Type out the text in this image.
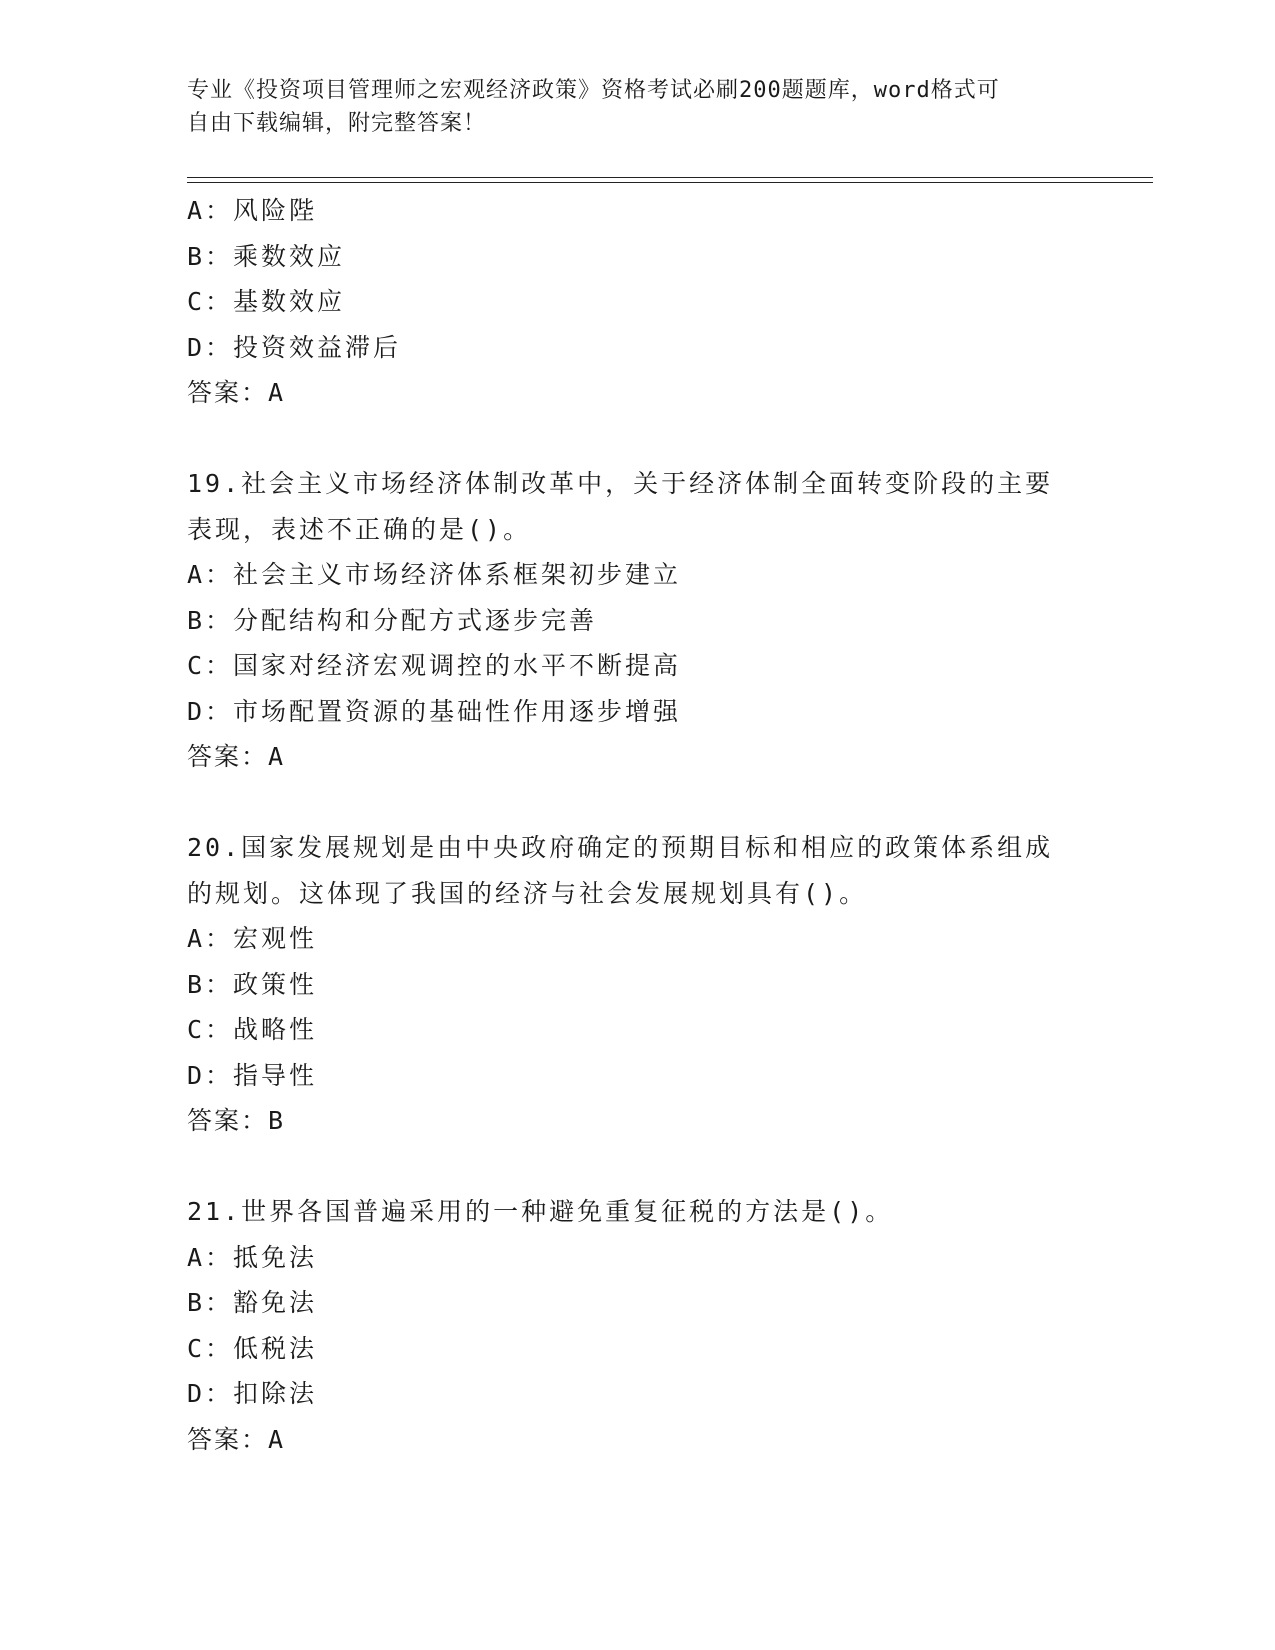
专业《投资项目管理师之宏观经济政策》资格考试必刷200题题库，word格式可
自由下载编辑，附完整答案！
A：风险陛
B：乘数效应
C：基数效应
D：投资效益滞后
答案：A
19.社会主义市场经济体制改革中，关于经济体制全面转变阶段的主要
表现，表述不正确的是()。
A：社会主义市场经济体系框架初步建立
B：分配结构和分配方式逐步完善
C：国家对经济宏观调控的水平不断提高
D：市场配置资源的基础性作用逐步增强
答案：A
20.国家发展规划是由中央政府确定的预期目标和相应的政策体系组成
的规划。这体现了我国的经济与社会发展规划具有()。
A：宏观性
B：政策性
C：战略性
D：指导性
答案：B
21.世界各国普遍采用的一种避免重复征税的方法是()。
A：抵免法
B：豁免法
C：低税法
D：扣除法
答案：A
